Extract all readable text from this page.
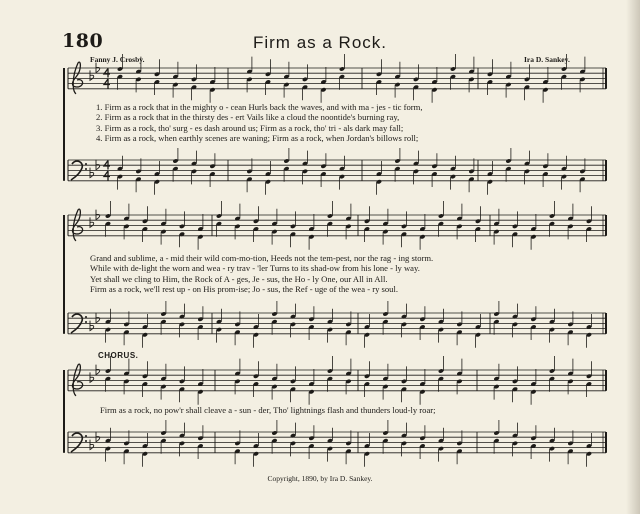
180	Firm as a Rock.
Fanny J. Crosby.	Ira D. Sankey.
1. Firm as a rock that in the mighty o - cean Hurls back the waves, and with ma - jes - tic form,
2. Firm as a rock that in the thirsty des - ert Vails like a cloud the noontide's burning ray,
3. Firm as a rock, tho' surg - es dash around us; Firm as a rock, tho' tri - als dark may fall;
4. Firm as a rock, when earthly scenes are waning; Firm as a rock, when Jordan's billows roll;
Grand and sublime, a - mid their wild com-mo-tion, Heeds not the tem-pest, nor the rag - ing storm.
While with de-light the worn and wea - ry trav - 'ler Turns to its shad-ow from his lone - ly way.
Yet shall we cling to Him, the Rock of A - ges, Je - sus, the Ho - ly One, our All in All.
Firm as a rock, we'll rest up - on His prom-ise; Jo - sus, the Ref - uge of the wea - ry soul.
CHORUS.
Firm as a rock, no pow'r shall cleave a - sun - der, Tho' lightnings flash and thunders loud-ly roar;
Copyright, 1890, by Ira D. Sankey.
